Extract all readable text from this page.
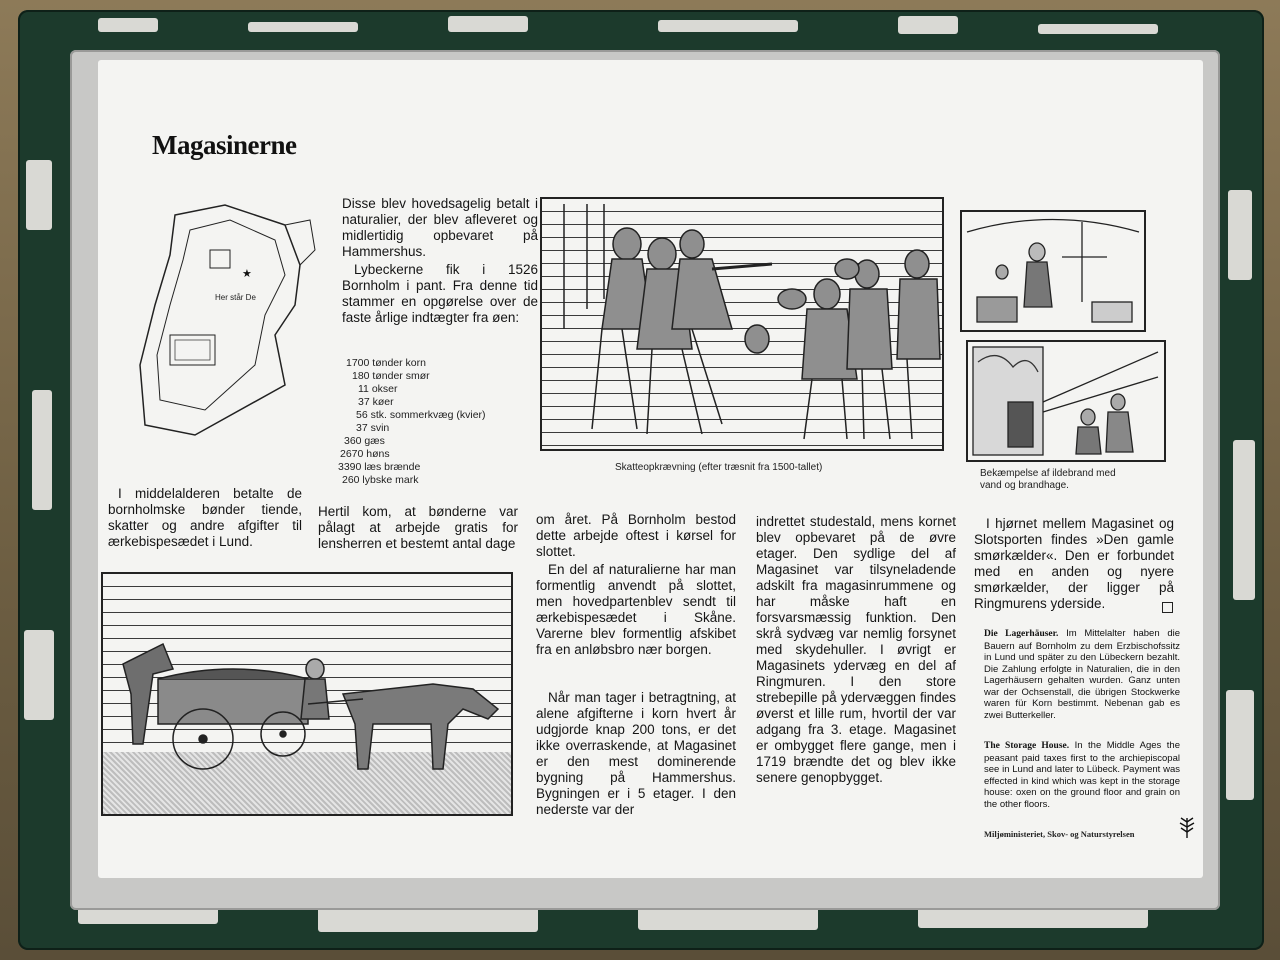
Magasinerne
★
Her står De
Disse blev hovedsagelig betalt i naturalier, der blev afleveret og midlertidig opbevaret på Hammershus.
Lybeckerne fik i 1526 Bornholm i pant. Fra denne tid stammer en opgørelse over de faste årlige indtægter fra øen:
1700 tønder korn
180 tønder smør
11 okser
37 køer
56 stk. sommerkvæg (kvier)
37 svin
360 gæs
2670 høns
3390 læs brænde
260 lybske mark
Skatteopkrævning (efter træsnit fra 1500-tallet)
Bekæmpelse af ildebrand med vand og brandhage.
I middelalderen betalte de bornholmske bønder tiende, skatter og andre afgifter til ærkebispesædet i Lund.
Hertil kom, at bønderne var pålagt at arbejde gratis for lensherren et bestemt antal dage
om året. På Bornholm bestod dette arbejde oftest i kørsel for slottet.
En del af naturalierne har man formentlig anvendt på slottet, men hovedpartenblev sendt til ærkebispesædet i Skåne. Varerne blev formentlig afskibet fra en anløbsbro nær borgen.
Når man tager i betragtning, at alene afgifterne i korn hvert år udgjorde knap 200 tons, er det ikke overraskende, at Magasinet er den mest dominerende bygning på Hammershus. Bygningen er i 5 etager. I den nederste var der
indrettet studestald, mens kornet blev opbevaret på de øvre etager. Den sydlige del af Magasinet var tilsyneladende adskilt fra magasinrummene og har måske haft en forsvarsmæssig funktion. Den skrå sydvæg var nemlig forsynet med skydehuller. I øvrigt er Magasinets ydervæg en del af Ringmuren. I den store strebepille på ydervæggen findes øverst et lille rum, hvortil der var adgang fra 3. etage. Magasinet er ombygget flere gange, men i 1719 brændte det og blev ikke senere genopbygget.
I hjørnet mellem Magasinet og Slotsporten findes »Den gamle smørkælder«. Den er forbundet med en anden og nyere smørkælder, der ligger på Ringmurens yderside.
Die Lagerhäuser. Im Mittelalter haben die Bauern auf Bornholm zu dem Erzbischofssitz in Lund und später zu den Lübeckern bezahlt. Die Zahlung erfolgte in Naturalien, die in den Lagerhäusern gehalten wurden. Ganz unten war der Ochsenstall, die übrigen Stockwerke waren für Korn bestimmt. Nebenan gab es zwei Butterkeller.
The Storage House. In the Middle Ages the peasant paid taxes first to the archiepiscopal see in Lund and later to Lübeck. Payment was effected in kind which was kept in the storage house: oxen on the ground floor and grain on the other floors.
Miljøministeriet, Skov- og Naturstyrelsen
